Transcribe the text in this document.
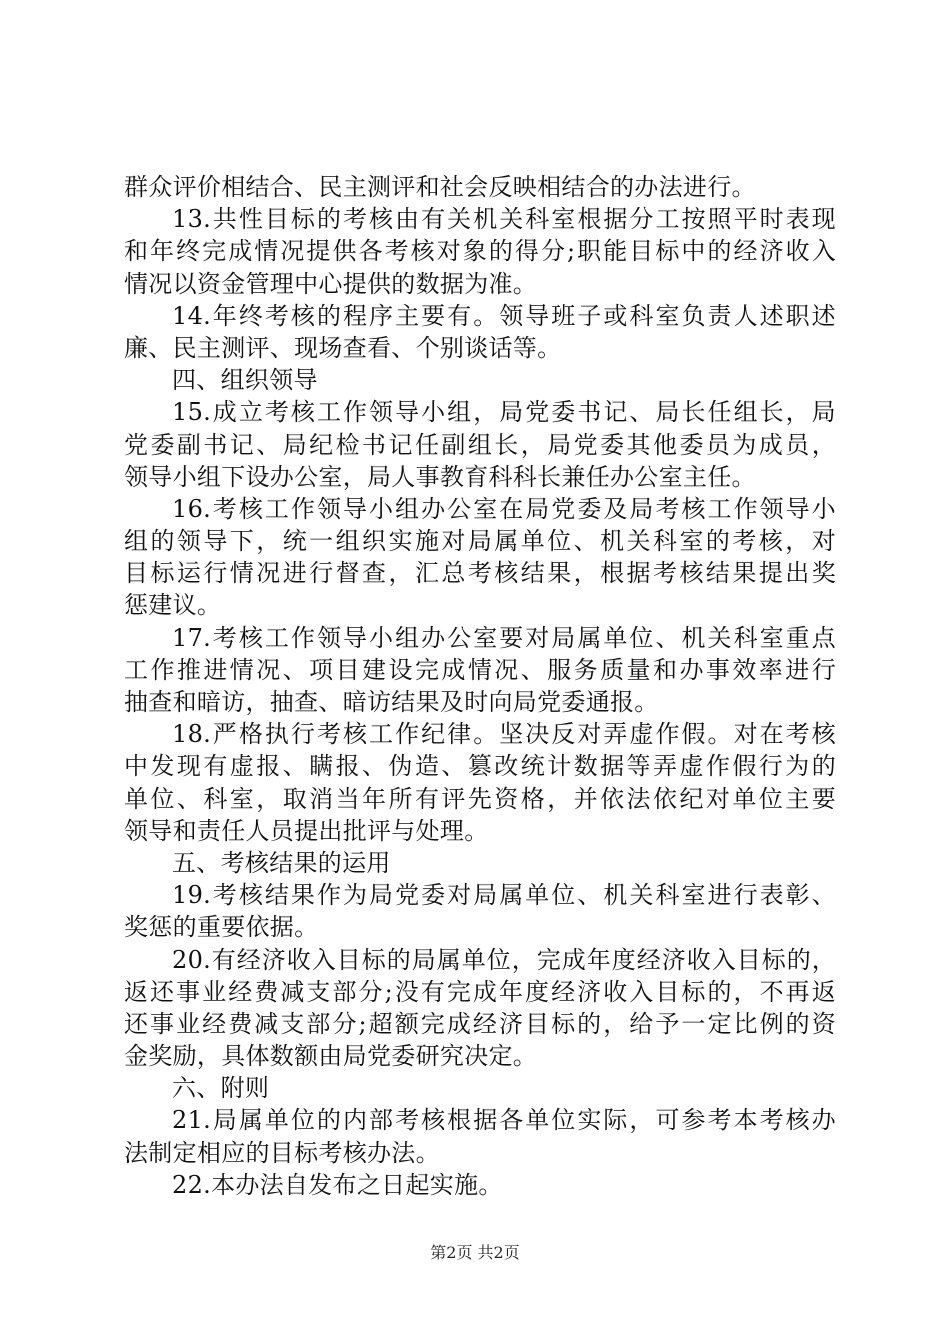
群众评价相结合、民主测评和社会反映相结合的办法进行。
13.共性目标的考核由有关机关科室根据分工按照平时表现
和年终完成情况提供各考核对象的得分;职能目标中的经济收入
情况以资金管理中心提供的数据为准。
14.年终考核的程序主要有。领导班子或科室负责人述职述
廉、民主测评、现场查看、个别谈话等。
四、组织领导
15.成立考核工作领导小组，局党委书记、局长任组长，局
党委副书记、局纪检书记任副组长，局党委其他委员为成员，
领导小组下设办公室，局人事教育科科长兼任办公室主任。
16.考核工作领导小组办公室在局党委及局考核工作领导小
组的领导下，统一组织实施对局属单位、机关科室的考核，对
目标运行情况进行督查，汇总考核结果，根据考核结果提出奖
惩建议。
17.考核工作领导小组办公室要对局属单位、机关科室重点
工作推进情况、项目建设完成情况、服务质量和办事效率进行
抽查和暗访，抽查、暗访结果及时向局党委通报。
18.严格执行考核工作纪律。坚决反对弄虚作假。对在考核
中发现有虚报、瞒报、伪造、篡改统计数据等弄虚作假行为的
单位、科室，取消当年所有评先资格，并依法依纪对单位主要
领导和责任人员提出批评与处理。
五、考核结果的运用
19.考核结果作为局党委对局属单位、机关科室进行表彰、
奖惩的重要依据。
20.有经济收入目标的局属单位，完成年度经济收入目标的，
返还事业经费减支部分;没有完成年度经济收入目标的，不再返
还事业经费减支部分;超额完成经济目标的，给予一定比例的资
金奖励，具体数额由局党委研究决定。
六、附则
21.局属单位的内部考核根据各单位实际，可参考本考核办
法制定相应的目标考核办法。
22.本办法自发布之日起实施。
第2页 共2页
